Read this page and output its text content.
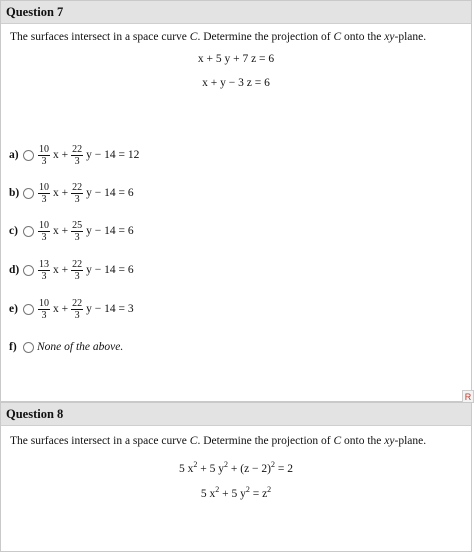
Question 7
The surfaces intersect in a space curve C. Determine the projection of C onto the xy-plane.
x + 5 y + 7 z = 6
x + y − 3 z = 6
a)	$\frac{10}{3}$ $x + \frac{22}{3}$ y − 14 = 12
b)	$\frac{10}{3}$ $x + \frac{22}{3}$ y − 14 = 6
c)	$\frac{10}{3}$ $x + \frac{25}{3}$ y − 14 = 6
d)	$\frac{13}{3}$ $x + \frac{22}{3}$ y − 14 = 6
e)	$\frac{10}{3}$ $x + \frac{22}{3}$ y − 14 = 3
f)	None of the above.
R
Question 8
The surfaces intersect in a space curve C. Determine the projection of C onto the xy-plane.
5 $x^2 + 5$ $y^2 + (z - 2)^2 = 2$
5 $x^2 + 5$ $y^2 = z^2$
